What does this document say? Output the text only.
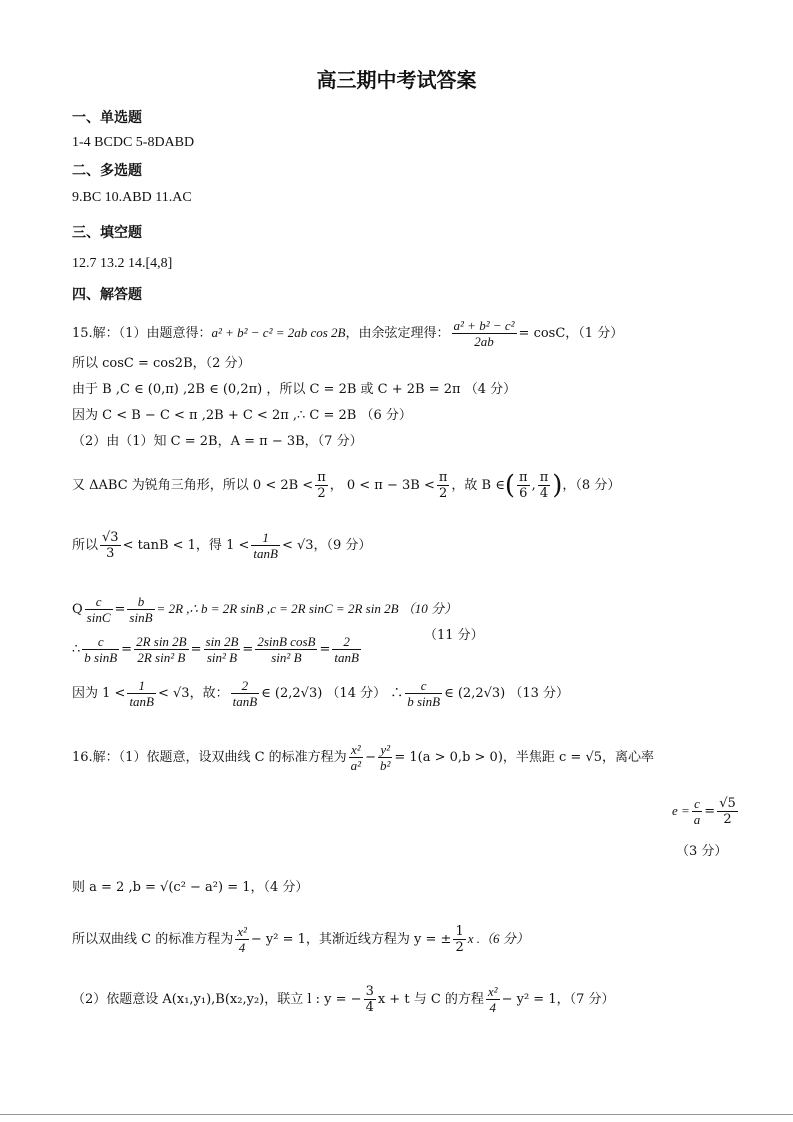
高三期中考试答案
一、单选题
1-4 BCDC 5-8DABD
二、多选题
9.BC 10.ABD 11.AC
三、填空题
12.7 13.2 14.[4,8]
四、解答题
15.解：（1）由题意得：a² + b² − c² = 2ab cos 2B，由余弦定理得： $\frac{\text{a² + b² − c²}}{2ab} = \cos C$，（1 分）
所以 cosC = cos2B，（2 分）
由于 B ,C ∈ (0,π) ,2B ∈ (0,2π) ，所以 C = 2B 或 C + 2B = 2π （4 分）
因为 C < B − C < π ,2B + C < 2π ,∴ C = 2B （6 分）
（2）由（1）知 C = 2B，A = π − 3B，（7 分）
又 ΔABC 为锐角三角形，所以 $0 < 2B < \frac{\pi}{2}$ ， $0 < \pi - 3B < \frac{\pi}{2}$ ，故 B ∈( $\frac{\pi}{6}$ , $\frac{\pi}{4}$ )，（8 分）
所以 $\frac{√3}{3} < \tan B < 1$，得 $1 < \frac{1}{\tan B} < √3$，（9 分）
Q $\frac{c}{\sin C} = \frac{b}{\sin B} = 2R$ ,∴ b = 2R sinB ,c = 2R sinC = 2R sin 2B （10 分）
∴ $\frac{c}{\text{b sinB}} = \frac{\text{2R sin 2B}}{\text{2R sin² B}} = \frac{\sin 2B}{\text{sin² B}} = \frac{\text{2sinB cosB}}{\text{sin² B}} = \frac{2}{\tan B}$	（11 分）
因为 $1 < \frac{1}{\tan B} < √3$，故： $\frac{2}{\tan B}$ ∈ (2,2√3) （14 分） ∴ $\frac{c}{\text{b sinB}}$ ∈ (2,2√3) （13 分）
16.解：（1）依题意，设双曲线 C 的标准方程为 $\frac{\text{x²}}{\text{a²}} - \frac{\text{y²}}{\text{b²}} = 1(a > 0,b > 0)$，半焦距 c = √5，离心率
$e = \frac{c}{a} = \frac{√5}{2}$
（3 分）
则 a = 2 ,b = √(c² − a²) = 1，（4 分）
所以双曲线 C 的标准方程为 $\frac{\text{x²}}{4} - y^2 = 1$，其渐近线方程为 y = ± $\frac{1}{2}$ x .（6 分）
（2）依题意设 A(x₁,y₁),B(x₂,y₂)，联立 l : y = − $\frac{3}{4}$ x + t 与 C 的方程 $\frac{\text{x²}}{4} - y^2 = 1$，（7 分）
